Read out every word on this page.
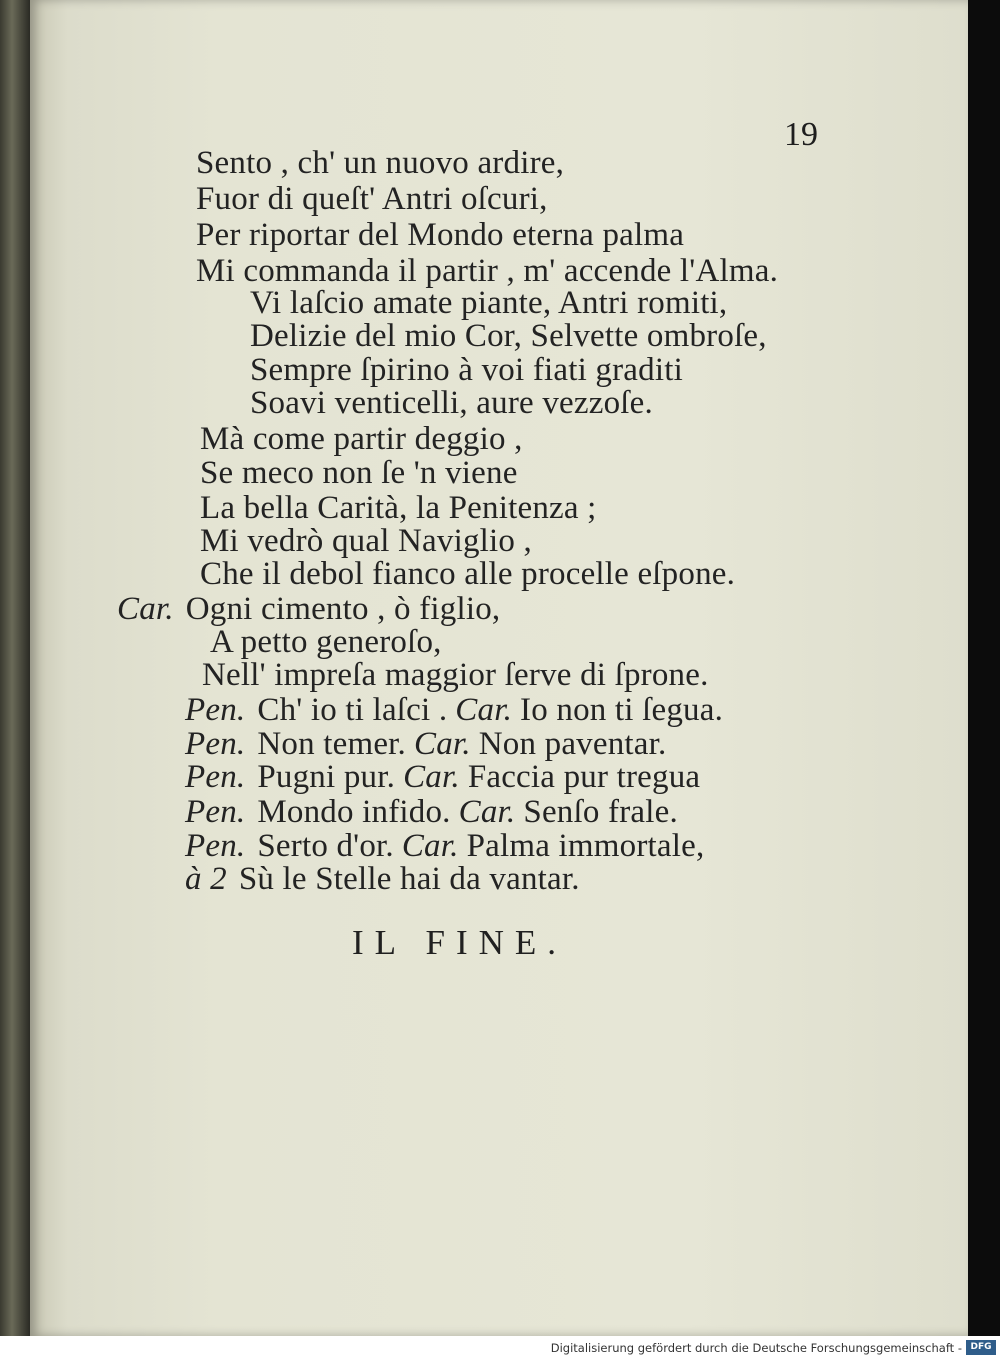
19
Sento , ch' un nuovo ardire,
Fuor di queſt' Antri oſcuri,
Per riportar del Mondo eterna palma
Mi commanda il partir , m' accende l'Alma.
Vi laſcio amate piante, Antri romiti,
Delizie del mio Cor, Selvette ombroſe,
Sempre ſpirino à voi fiati graditi
Soavi venticelli, aure vezzoſe.
Mà come partir deggio ,
Se meco non ſe 'n viene
La bella Carità, la Penitenza ;
Mi vedrò qual Naviglio ,
Che il debol fianco alle procelle eſpone.
Car. Ogni cimento , ò figlio,
A petto generoſo,
Nell' impreſa maggior ſerve di ſprone.
Pen. Ch' io ti laſci . Car. Io non ti ſegua.
Pen. Non temer. Car. Non paventar.
Pen. Pugni pur. Car. Faccia pur tregua
Pen. Mondo infido. Car. Senſo frale.
Pen. Serto d'or. Car. Palma immortale,
à 2 Sù le Stelle hai da vantar.
IL FINE.
Digitalisierung gefördert durch die Deutsche Forschungsgemeinschaft - DFG
